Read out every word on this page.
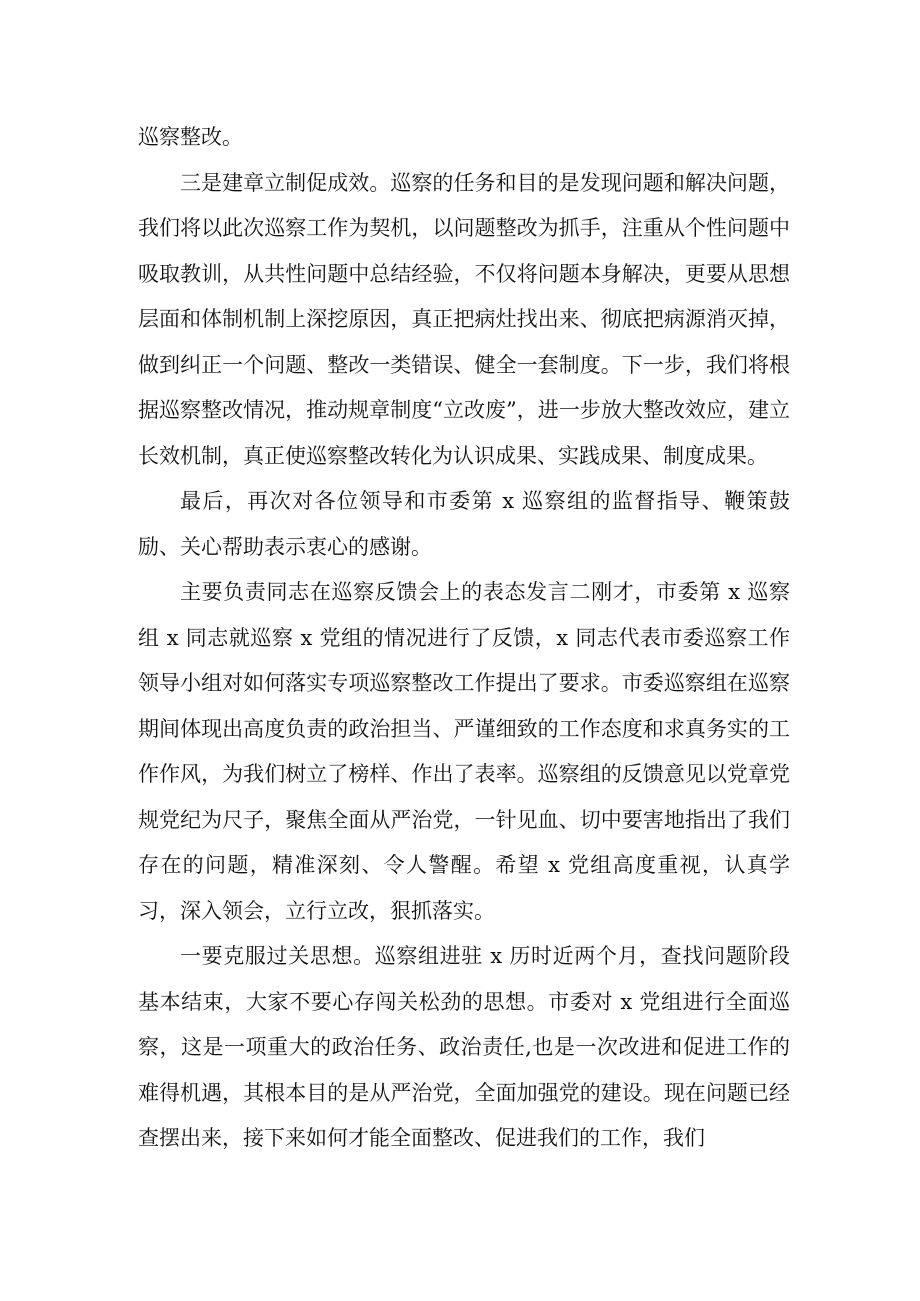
巡察整改。

三是建章立制促成效。巡察的任务和目的是发现问题和解决问题，我们将以此次巡察工作为契机，以问题整改为抓手，注重从个性问题中吸取教训，从共性问题中总结经验，不仅将问题本身解决，更要从思想层面和体制机制上深挖原因，真正把病灶找出来、彻底把病源消灭掉，做到纠正一个问题、整改一类错误、健全一套制度。下一步，我们将根据巡察整改情况，推动规章制度“立改废”，进一步放大整改效应，建立长效机制，真正使巡察整改转化为认识成果、实践成果、制度成果。

最后，再次对各位领导和市委第 x 巡察组的监督指导、鞭策鼓励、关心帮助表示衷心的感谢。

主要负责同志在巡察反馈会上的表态发言二刚才，市委第 x 巡察组 x 同志就巡察 x 党组的情况进行了反馈，x 同志代表市委巡察工作领导小组对如何落实专项巡察整改工作提出了要求。市委巡察组在巡察期间体现出高度负责的政治担当、严谨细致的工作态度和求真务实的工作作风，为我们树立了榜样、作出了表率。巡察组的反馈意见以党章党规党纪为尺子，聚焦全面从严治党，一针见血、切中要害地指出了我们存在的问题，精准深刻、令人警醒。希望 x 党组高度重视，认真学习，深入领会，立行立改，狠抓落实。

一要克服过关思想。巡察组进驻 x 历时近两个月，查找问题阶段基本结束，大家不要心存闯关松劲的思想。市委对 x 党组进行全面巡察，这是一项重大的政治任务、政治责任,也是一次改进和促进工作的难得机遇，其根本目的是从严治党，全面加强党的建设。现在问题已经查摆出来，接下来如何才能全面整改、促进我们的工作，我们
